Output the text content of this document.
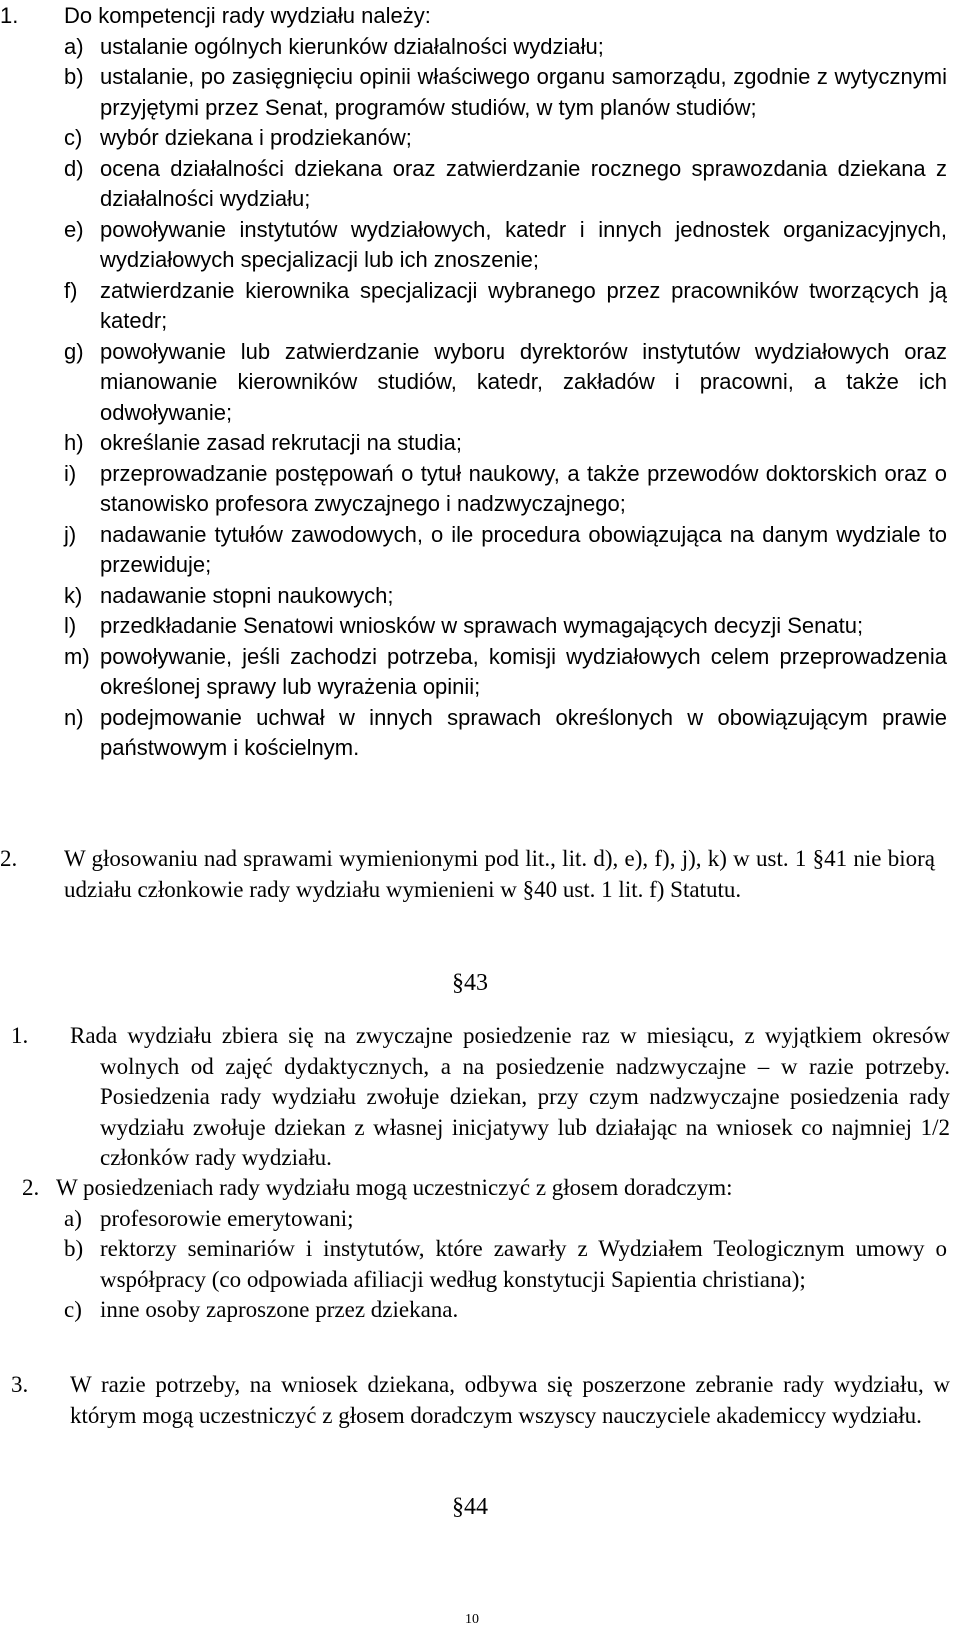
1.	Do kompetencji rady wydziału należy:
a) ustalanie ogólnych kierunków działalności wydziału;
b) ustalanie, po zasięgnięciu opinii właściwego organu samorządu, zgodnie z wytycznymi przyjętymi przez Senat, programów studiów, w tym planów studiów;
c) wybór dziekana i prodziekanów;
d) ocena działalności dziekana oraz zatwierdzanie rocznego sprawozdania dziekana z działalności wydziału;
e) powoływanie instytutów wydziałowych, katedr i innych jednostek organizacyjnych, wydziałowych specjalizacji lub ich znoszenie;
f)	zatwierdzanie kierownika specjalizacji wybranego przez pracowników tworzących ją katedr;
g) powoływanie lub zatwierdzanie wyboru dyrektorów instytutów wydziałowych oraz mianowanie kierowników studiów, katedr, zakładów i pracowni, a także ich odwoływanie;
h) określanie zasad rekrutacji na studia;
i)	przeprowadzanie postępowań o tytuł naukowy, a także przewodów doktorskich oraz o stanowisko profesora zwyczajnego i nadzwyczajnego;
j)	nadawanie tytułów zawodowych, o ile procedura obowiązująca na danym wydziale to przewiduje;
k) nadawanie stopni naukowych;
l)	przedkładanie Senatowi wniosków w sprawach wymagających decyzji Senatu;
m) powoływanie, jeśli zachodzi potrzeba, komisji wydziałowych celem przeprowadzenia określonej sprawy lub wyrażenia opinii;
n) podejmowanie uchwał w innych sprawach określonych w obowiązującym prawie państwowym i kościelnym.
2.	W głosowaniu nad sprawami wymienionymi pod lit., lit. d), e), f), j), k) w ust. 1 §41 nie biorą udziału członkowie rady wydziału wymienieni w §40 ust. 1 lit. f) Statutu.
§43
1.	Rada wydziału zbiera się na zwyczajne posiedzenie raz w miesiącu, z wyjątkiem okresów wolnych od zajęć dydaktycznych, a na posiedzenie nadzwyczajne – w razie potrzeby. Posiedzenia rady wydziału zwołuje dziekan, przy czym nadzwyczajne posiedzenia rady wydziału zwołuje dziekan z własnej inicjatywy lub działając na wniosek co najmniej 1/2 członków rady wydziału.
2. W posiedzeniach rady wydziału mogą uczestniczyć z głosem doradczym:
a) profesorowie emerytowani;
b) rektorzy seminariów i instytutów, które zawarły z Wydziałem Teologicznym umowy o współpracy (co odpowiada afiliacji według konstytucji Sapientia christiana);
c) inne osoby zaproszone przez dziekana.
3.	W razie potrzeby, na wniosek dziekana, odbywa się poszerzone zebranie rady wydziału, w którym mogą uczestniczyć z głosem doradczym wszyscy nauczyciele akademiccy wydziału.
§44
10
